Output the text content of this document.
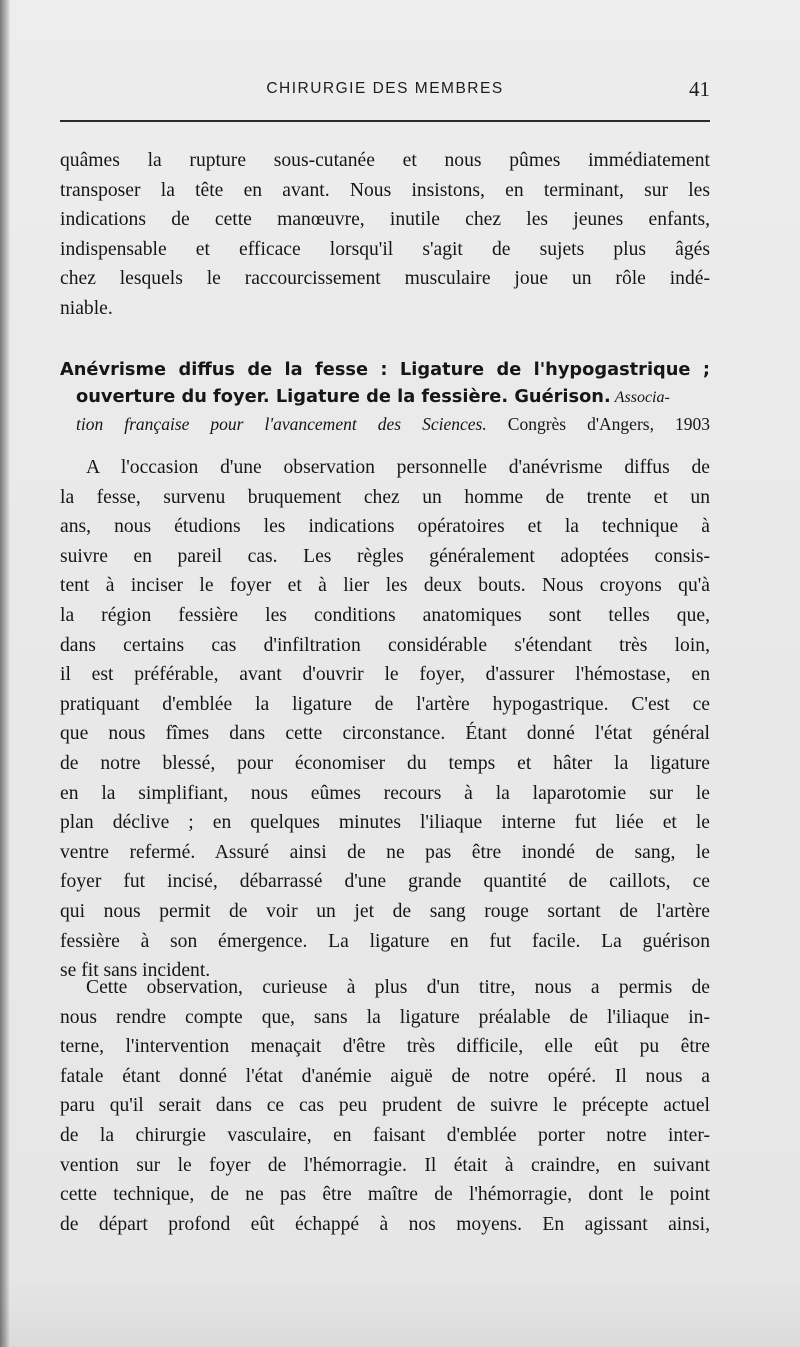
CHIRURGIE DES MEMBRES	41

quâmes la rupture sous-cutanée et nous pûmes immédiatement
transposer la tête en avant. Nous insistons, en terminant, sur les
indications de cette manœuvre, inutile chez les jeunes enfants,
indispensable et efficace lorsqu'il s'agit de sujets plus âgés
chez lesquels le raccourcissement musculaire joue un rôle indé-
niable.

Anévrisme diffus de la fesse : Ligature de l'hypogastrique ;
ouverture du foyer. Ligature de la fessière. Guérison. Associa-
tion française pour l'avancement des Sciences. Congrès d'Angers, 1903

A l'occasion d'une observation personnelle d'anévrisme diffus de
la fesse, survenu bruquement chez un homme de trente et un
ans, nous étudions les indications opératoires et la technique à
suivre en pareil cas. Les règles généralement adoptées consis-
tent à inciser le foyer et à lier les deux bouts. Nous croyons qu'à
la région fessière les conditions anatomiques sont telles que,
dans certains cas d'infiltration considérable s'étendant très loin,
il est préférable, avant d'ouvrir le foyer, d'assurer l'hémostase, en
pratiquant d'emblée la ligature de l'artère hypogastrique. C'est ce
que nous fîmes dans cette circonstance. Étant donné l'état général
de notre blessé, pour économiser du temps et hâter la ligature
en la simplifiant, nous eûmes recours à la laparotomie sur le
plan déclive ; en quelques minutes l'iliaque interne fut liée et le
ventre refermé. Assuré ainsi de ne pas être inondé de sang, le
foyer fut incisé, débarrassé d'une grande quantité de caillots, ce
qui nous permit de voir un jet de sang rouge sortant de l'artère
fessière à son émergence. La ligature en fut facile. La guérison
se fit sans incident.

Cette observation, curieuse à plus d'un titre, nous a permis de
nous rendre compte que, sans la ligature préalable de l'iliaque in-
terne, l'intervention menaçait d'être très difficile, elle eût pu être
fatale étant donné l'état d'anémie aiguë de notre opéré. Il nous a
paru qu'il serait dans ce cas peu prudent de suivre le précepte actuel
de la chirurgie vasculaire, en faisant d'emblée porter notre inter-
vention sur le foyer de l'hémorragie. Il était à craindre, en suivant
cette technique, de ne pas être maître de l'hémorragie, dont le point
de départ profond eût échappé à nos moyens. En agissant ainsi,
